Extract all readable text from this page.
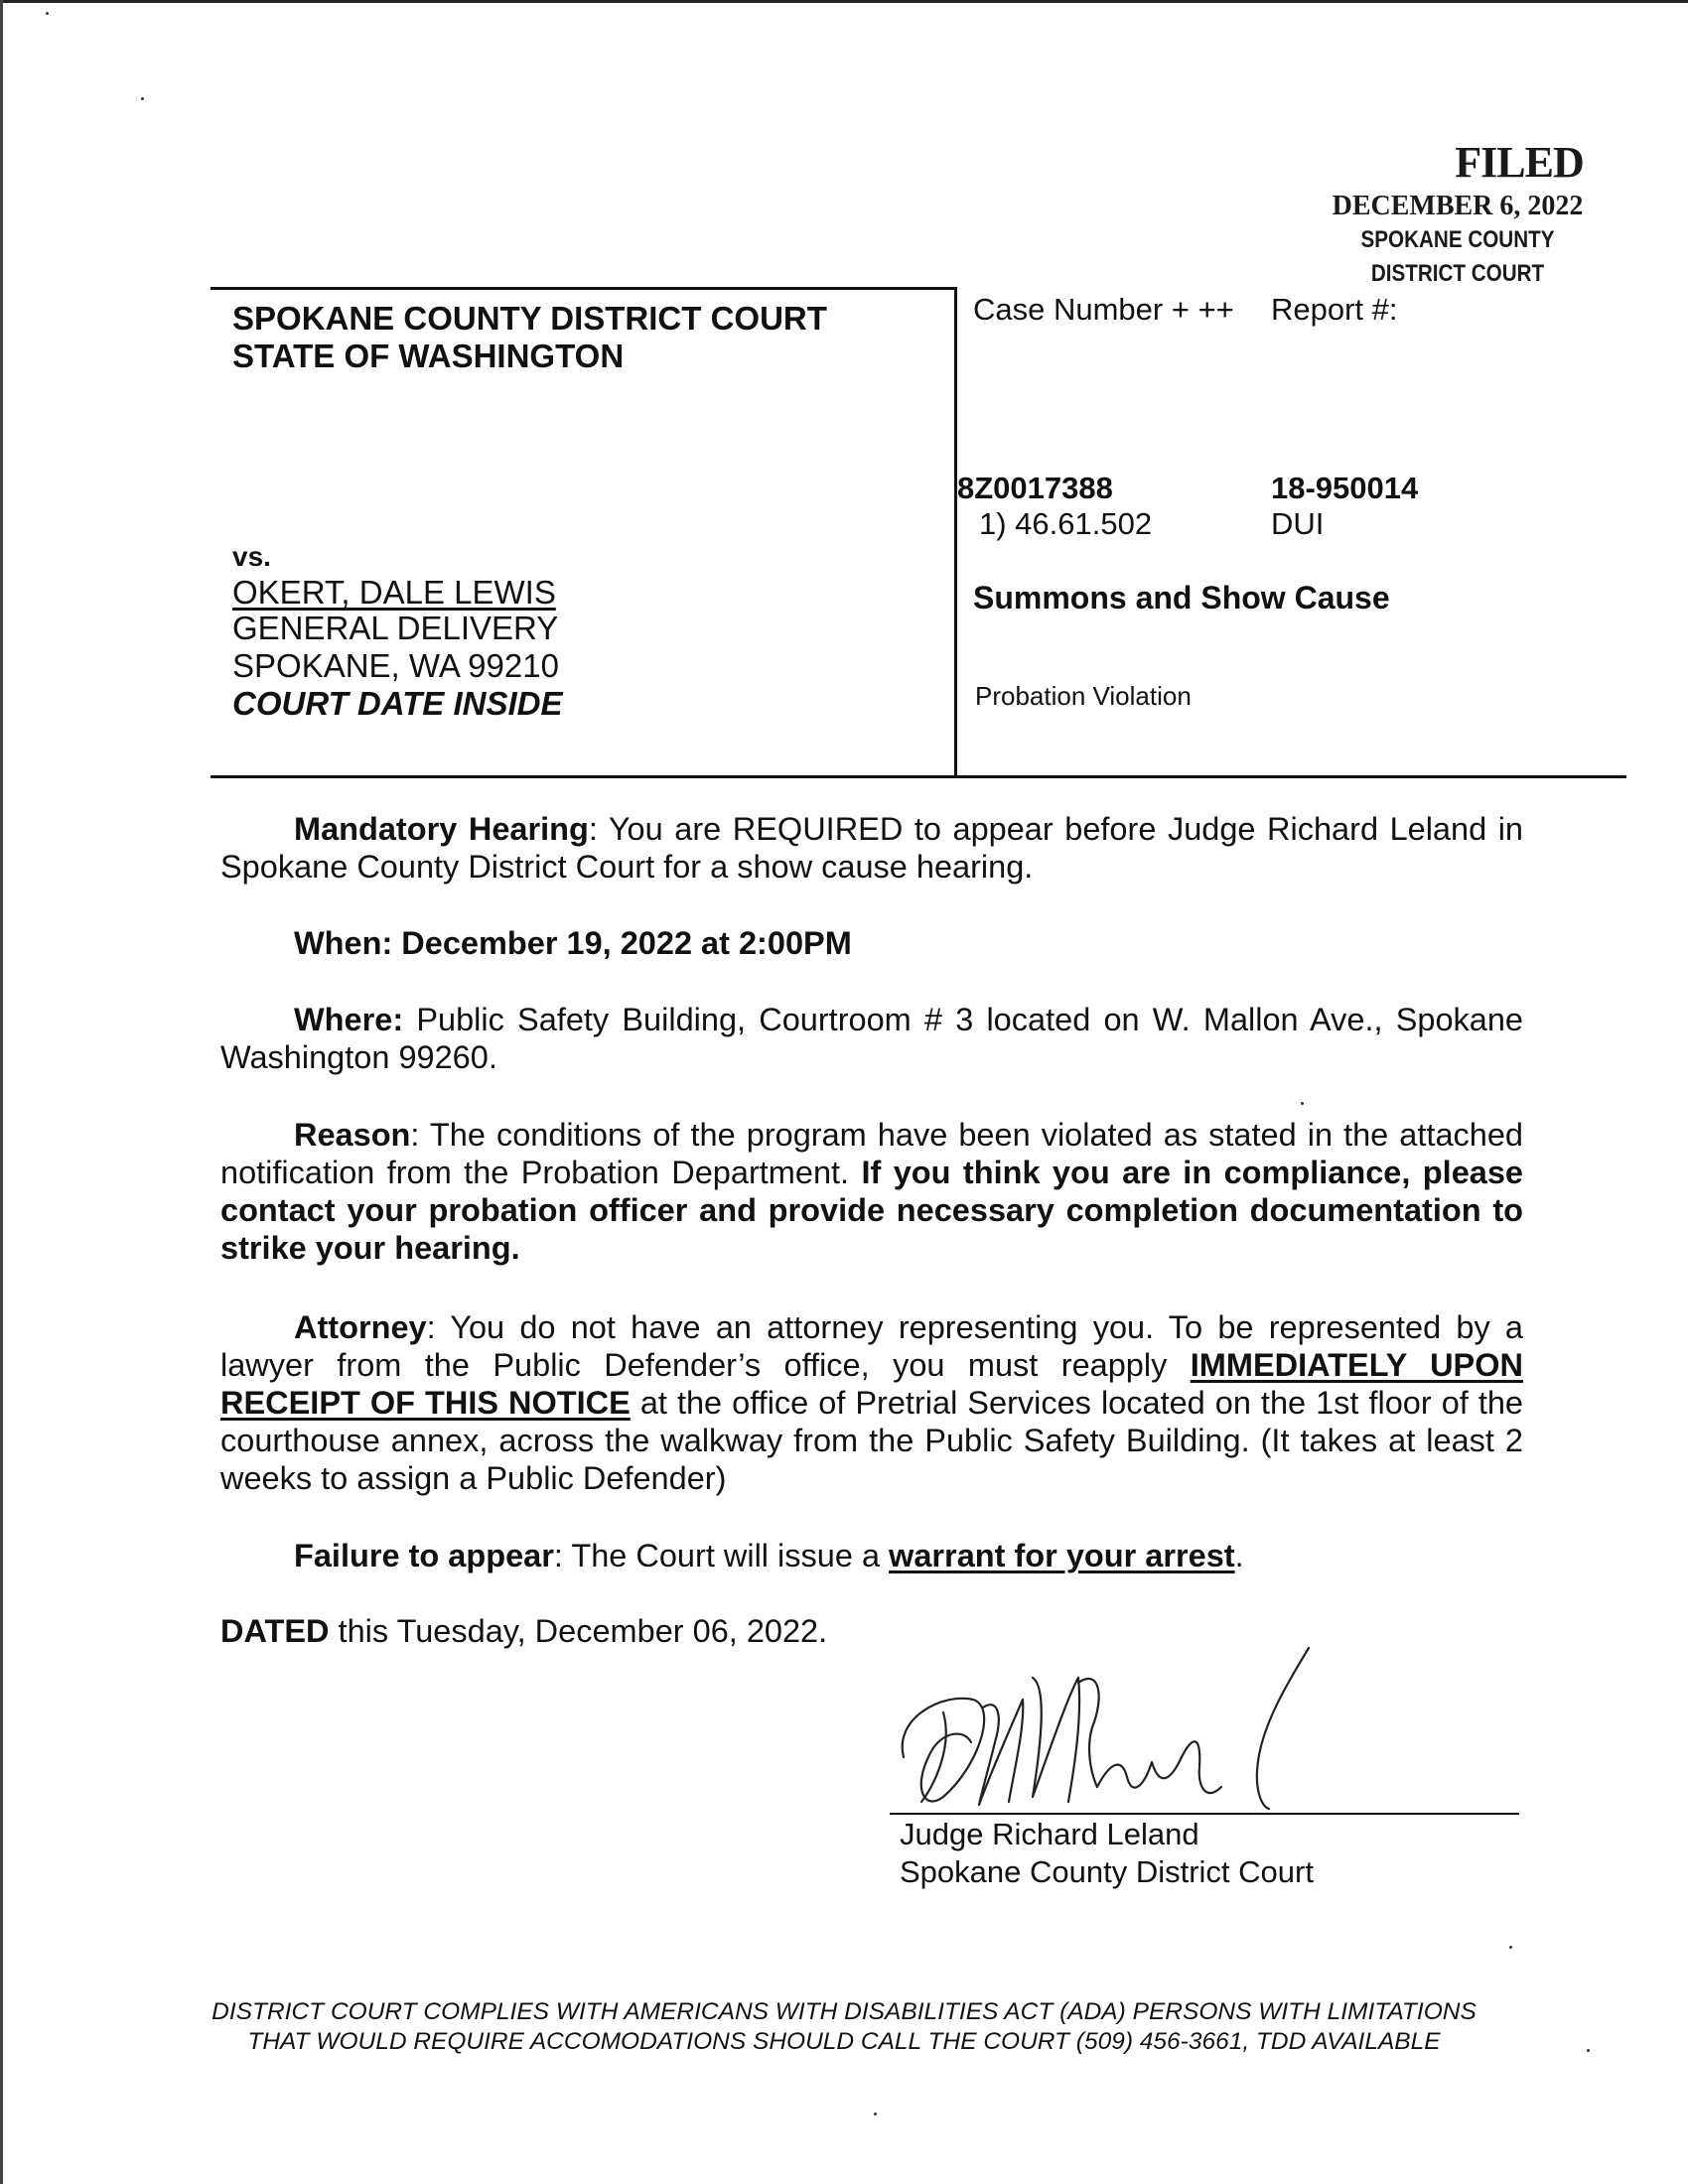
FILED
DECEMBER 6, 2022
SPOKANE COUNTY
DISTRICT COURT
SPOKANE COUNTY DISTRICT COURT
STATE OF WASHINGTON
vs.
OKERT, DALE LEWIS
GENERAL DELIVERY
SPOKANE, WA 99210
COURT DATE INSIDE
Case Number + ++ Report #:
8Z0017388	18-950014
1) 46.61.502	DUI
Summons and Show Cause
Probation Violation
Mandatory Hearing: You are REQUIRED to appear before Judge Richard Leland in Spokane County District Court for a show cause hearing.
When: December 19, 2022 at 2:00PM
Where: Public Safety Building, Courtroom # 3 located on W. Mallon Ave., Spokane Washington 99260.
Reason: The conditions of the program have been violated as stated in the attached notification from the Probation Department. If you think you are in compliance, please contact your probation officer and provide necessary completion documentation to strike your hearing.
Attorney: You do not have an attorney representing you. To be represented by a lawyer from the Public Defender’s office, you must reapply IMMEDIATELY UPON RECEIPT OF THIS NOTICE at the office of Pretrial Services located on the 1st floor of the courthouse annex, across the walkway from the Public Safety Building. (It takes at least 2 weeks to assign a Public Defender)
Failure to appear: The Court will issue a warrant for your arrest.
DATED this Tuesday, December 06, 2022.
Judge Richard Leland
Spokane County District Court
DISTRICT COURT COMPLIES WITH AMERICANS WITH DISABILITIES ACT (ADA) PERSONS WITH LIMITATIONS
THAT WOULD REQUIRE ACCOMODATIONS SHOULD CALL THE COURT (509) 456-3661, TDD AVAILABLE
